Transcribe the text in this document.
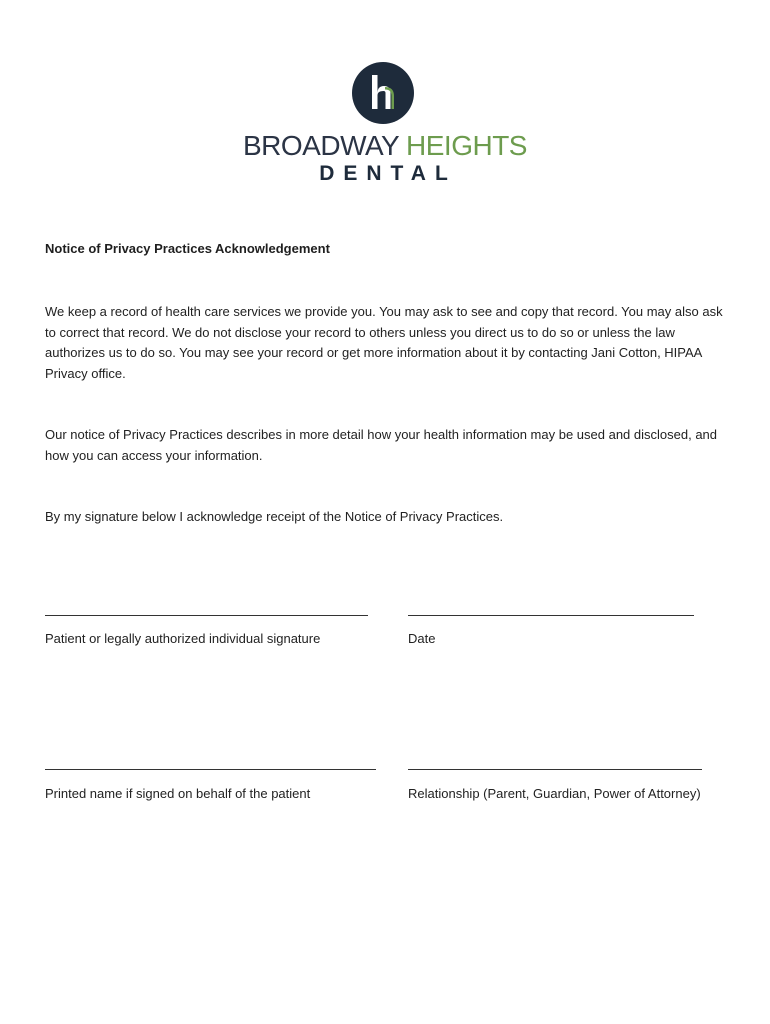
BROADWAY HEIGHTS
DENTAL
Notice of Privacy Practices Acknowledgement
We keep a record of health care services we provide you. You may ask to see and copy that record. You may also ask to correct that record. We do not disclose your record to others unless you direct us to do so or unless the law authorizes us to do so. You may see your record or get more information about it by contacting Jani Cotton, HIPAA Privacy office.
Our notice of Privacy Practices describes in more detail how your health information may be used and disclosed, and how you can access your information.
By my signature below I acknowledge receipt of the Notice of Privacy Practices.
Patient or legally authorized individual signature	Date
Printed name if signed on behalf of the patient	Relationship (Parent, Guardian, Power of Attorney)
